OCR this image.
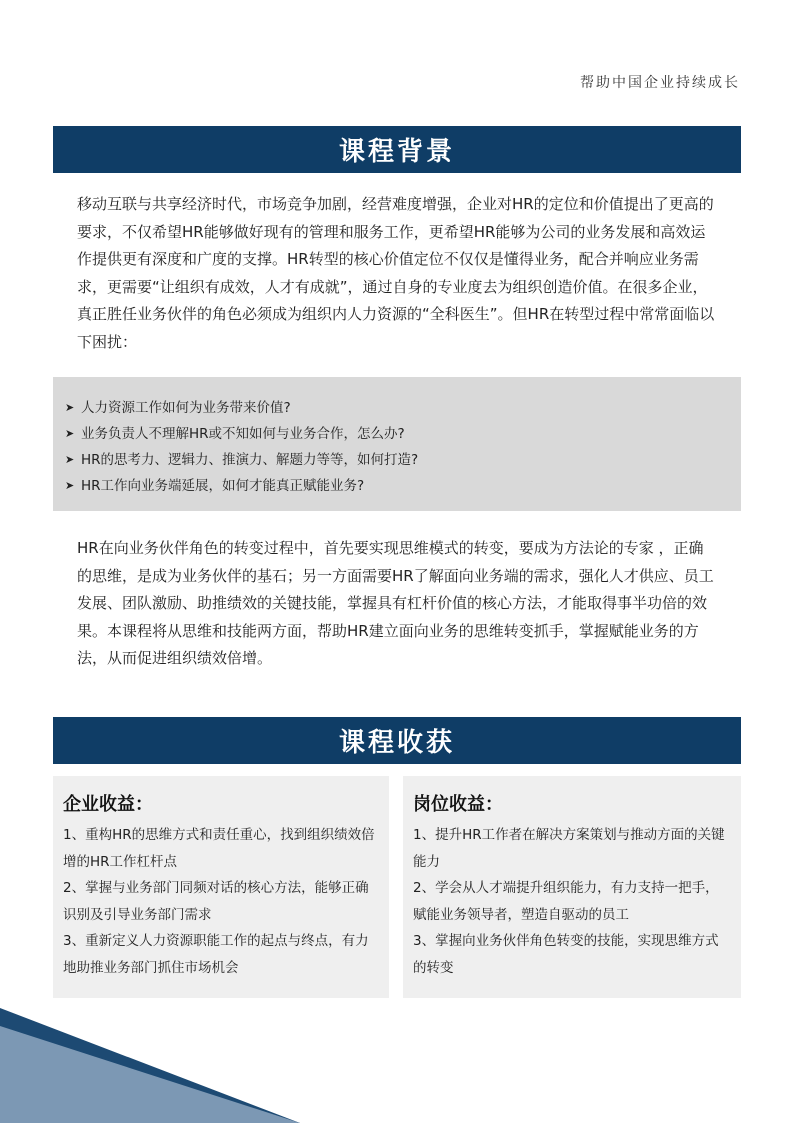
帮助中国企业持续成长
课程背景

移动互联与共享经济时代，市场竞争加剧，经营难度增强，企业对HR的定位和价值提出了更高的要求，不仅希望HR能够做好现有的管理和服务工作，更希望HR能够为公司的业务发展和高效运作提供更有深度和广度的支撑。HR转型的核心价值定位不仅仅是懂得业务，配合并响应业务需求，更需要“让组织有成效，人才有成就”，通过自身的专业度去为组织创造价值。在很多企业，真正胜任业务伙伴的角色必须成为组织内人力资源的“全科医生”。但HR在转型过程中常常面临以下困扰：

➤ 人力资源工作如何为业务带来价值?
➤ 业务负责人不理解HR或不知如何与业务合作，怎么办?
➤ HR的思考力、逻辑力、推演力、解题力等等，如何打造?
➤ HR工作向业务端延展，如何才能真正赋能业务?

HR在向业务伙伴角色的转变过程中，首先要实现思维模式的转变，要成为方法论的专家 ，正确的思维，是成为业务伙伴的基石；另一方面需要HR了解面向业务端的需求，强化人才供应、员工发展、团队激励、助推绩效的关键技能，掌握具有杠杆价值的核心方法，才能取得事半功倍的效果。本课程将从思维和技能两方面，帮助HR建立面向业务的思维转变抓手，掌握赋能业务的方法，从而促进组织绩效倍增。

课程收获
企业收益：
1、重构HR的思维方式和责任重心，找到组织绩效倍增的HR工作杠杆点
2、掌握与业务部门同频对话的核心方法，能够正确识别及引导业务部门需求
3、重新定义人力资源职能工作的起点与终点，有力地助推业务部门抓住市场机会
岗位收益：
1、提升HR工作者在解决方案策划与推动方面的关键能力
2、学会从人才端提升组织能力，有力支持一把手，赋能业务领导者，塑造自驱动的员工
3、掌握向业务伙伴角色转变的技能，实现思维方式的转变
